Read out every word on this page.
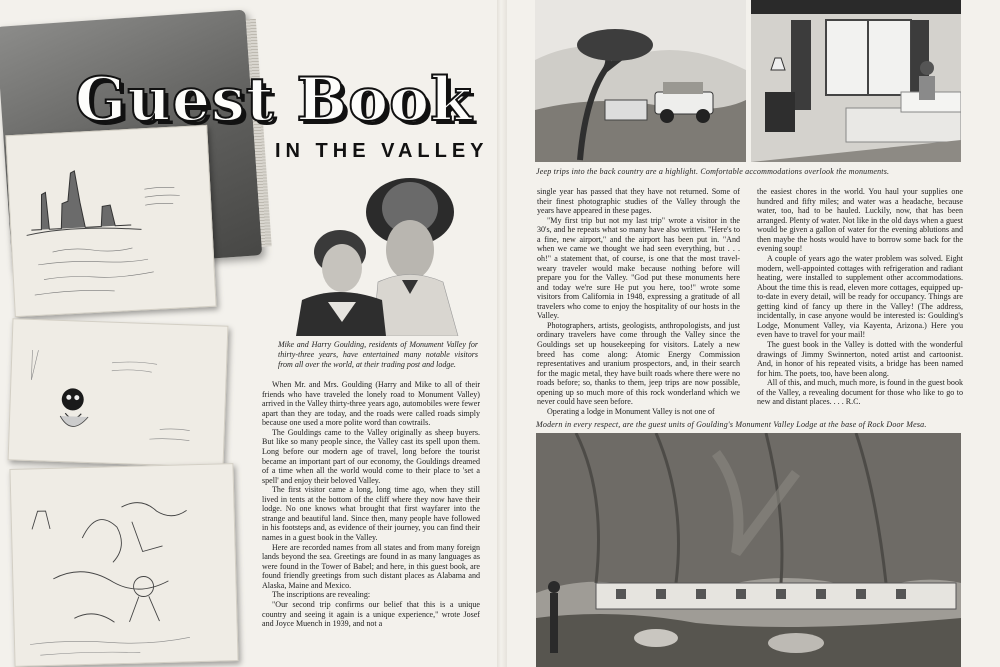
Guest Book
IN THE VALLEY
Mike and Harry Goulding, residents of Monument Valley for thirty-three years, have entertained many notable visitors from all over the world, at their trading post and lodge.

When Mr. and Mrs. Goulding (Harry and Mike to all of their friends who have traveled the lonely road to Monument Valley) arrived in the Valley thirty-three years ago, automobiles were fewer apart than they are today, and the roads were called roads simply because one used a more polite word than cowtrails.

The Gouldings came to the Valley originally as sheep buyers. But like so many people since, the Valley cast its spell upon them. Long before our modern age of travel, long before the tourist became an important part of our economy, the Gouldings dreamed of a time when all the world would come to their place to 'set a spell' and enjoy their beloved Valley.

The first visitor came a long, long time ago, when they still lived in tents at the bottom of the cliff where they now have their lodge. No one knows what brought that first wayfarer into the strange and beautiful land. Since then, many people have followed in his footsteps and, as evidence of their journey, you can find their names in a guest book in the Valley.

Here are recorded names from all states and from many foreign lands beyond the sea. Greetings are found in as many languages as were found in the Tower of Babel; and here, in this guest book, are found friendly greetings from such distant places as Alabama and Alaska, Maine and Mexico.

The inscriptions are revealing:

"Our second trip confirms our belief that this is a unique country and seeing it again is a unique experience," wrote Josef and Joyce Muench in 1939, and not a

Jeep trips into the back country are a highlight. Comfortable accommodations overlook the monuments.

single year has passed that they have not returned. Some of their finest photographic studies of the Valley through the years have appeared in these pages.

"My first trip but not my last trip" wrote a visitor in the 30's, and he repeats what so many have also written. "Here's to a fine, new airport," and the airport has been put in. "And when we came we thought we had seen everything, but . . . oh!" a statement that, of course, is one that the most travel-weary traveler would make because nothing before will prepare you for the Valley. "God put these monuments here and today we're sure He put you here, too!" wrote some visitors from California in 1948, expressing a gratitude of all travelers who come to enjoy the hospitality of our hosts in the Valley.

Photographers, artists, geologists, anthropologists, and just ordinary travelers have come through the Valley since the Gouldings set up housekeeping for visitors. Lately a new breed has come along: Atomic Energy Commission representatives and uranium prospectors, and, in their search for the magic metal, they have built roads where there were no roads before; so, thanks to them, jeep trips are now possible, opening up so much more of this rock wonderland which we never could have seen before.

Operating a lodge in Monument Valley is not one of

the easiest chores in the world. You haul your supplies one hundred and fifty miles; and water was a headache, because water, too, had to be hauled. Luckily, now, that has been arranged. Plenty of water. Not like in the old days when a guest would be given a gallon of water for the evening ablutions and then maybe the hosts would have to borrow some back for the evening soup!

A couple of years ago the water problem was solved. Eight modern, well-appointed cottages with refrigeration and radiant heating, were installed to supplement other accommodations. About the time this is read, eleven more cottages, equipped up-to-date in every detail, will be ready for occupancy. Things are getting kind of fancy up there in the Valley! (The address, incidentally, in case anyone would be interested is: Goulding's Lodge, Monument Valley, via Kayenta, Arizona.) Here you even have to travel for your mail!

The guest book in the Valley is dotted with the wonderful drawings of Jimmy Swinnerton, noted artist and cartoonist. And, in honor of his repeated visits, a bridge has been named for him. The poets, too, have been along.

All of this, and much, much more, is found in the guest book of the Valley, a revealing document for those who like to go to new and distant places. . . . R.C.

Modern in every respect, are the guest units of Goulding's Monument Valley Lodge at the base of Rock Door Mesa.
